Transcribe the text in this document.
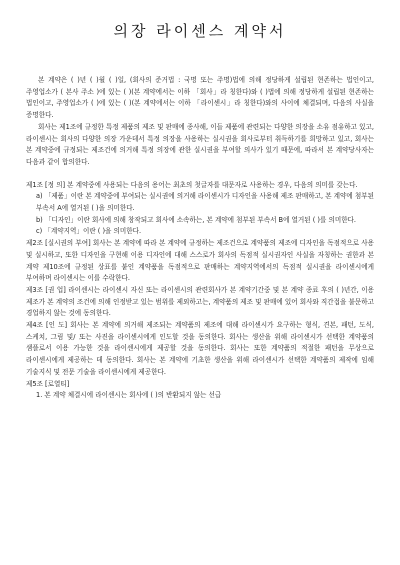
의장 라이센스 계약서

본 계약은 ( )년 ( )월 ( )일, (회사의 준거법 : 국명 또는 주명)법에 의해 정당하게 설립된 현존하는 법인이고, 주영업소가 ( 본사 주소 )에 있는 ( )(본 계약에서는 이하 「회사」라 칭한다)와 ( )법에 의해 정당하게 설립된 현존하는 법인이고, 주영업소가 ( )에 있는 ( )(본 계약에서는 이하 「라이센시」라 칭한다)와의 사이에 체결되며, 다음의 사실을 증명한다.

회사는 제1조에 규정한 특정 제품의 제조 및 판매에 종사해, 이들 제품에 관련되는 다양한 의장을 소유 점유하고 있고, 라이센시는 회사의 다양한 의장 가운데서 특정 의장을 사용하는 실시권을 회사로부터 취득하기를 희망하고 있고, 회사는 본 계약중에 규정되는 제조건에 의거해 특정 의장에 관한 실시권을 부여할 의사가 있기 때문에, 따라서 본 계약당사자는 다음과 같이 합의한다.

제1조 [정 의] 본 계약중에 사용되는 다음의 용어는 최초의 첫글자를 대문자로 사용하는 경우, 다음의 의미를 갖는다.

a) 「제품」이란 본 계약중에 부여되는 실시권에 의거해 라이센시가 디자인을 사용해 제조 판매하고, 본 계약에 첨부된 부속서 A에 열거된 ( )을 의미한다.

b) 「디자인」이란 회사에 의해 창작되고 회사에 소속하는, 본 계약에 첨부된 부속서 B에 열거된 ( )를 의미한다.

c) 「계약지역」이란 ( )을 의미한다.

제2조 [실시권의 부여] 회사는 본 계약에 따라 본 계약에 규정하는 제조건으로 계약품의 제조에 디자인을 독점적으로 사용 및 실시하고, 또한 디자인을 구현해 이용 디자인에 대해 스스로가 회사의 독점적 실시권자인 사실을 자칭하는 권한과 본 계약 제10조에 규정된 상표를 붙인 계약품을 독점적으로 판매하는 계약지역에서의 독점적 실시권을 라이센시에게 부여하며 라이센시는 이를 수락한다.

제3조 [권 업] 라이센시는 라이센시 자신 또는 라이센시의 관련회사가 본 계약기간중 및 본 계약 종료 후의 ( )년간, 이용 제조가 본 계약의 조건에 의해 인정받고 있는 범위를 제외하고는, 계약품의 제조 및 판매에 있어 회사와 직간접을 불문하고 경업하지 않는 것에 동의한다.

제4조 [인 도] 회사는 본 계약에 의거해 제조되는 계약품의 제조에 대해 라이센시가 요구하는 형식, 견본, 패턴, 도식, 스케치, 그림 및/ 또는 사진을 라이센시에게 인도할 것을 동의한다. 회사는 생산을 위해 라이센시가 선택한 계약품의 샘플로서 이용 가능한 것을 라이센시에게 제공할 것을 동의한다. 회사는 또한 계약품의 적절한 패턴을 무상으로 라이센시에게 제공하는 데 동의한다. 회사는 본 계약에 기초한 생산을 위해 라이센시가 선택한 계약품의 제작에 임해 기술지식 및 전문 기술을 라이센시에게 제공한다.

제5조 [로열티]

1. 본 계약 체결시에 라이센시는 회사에 ( )의 반환되지 않는 선급
